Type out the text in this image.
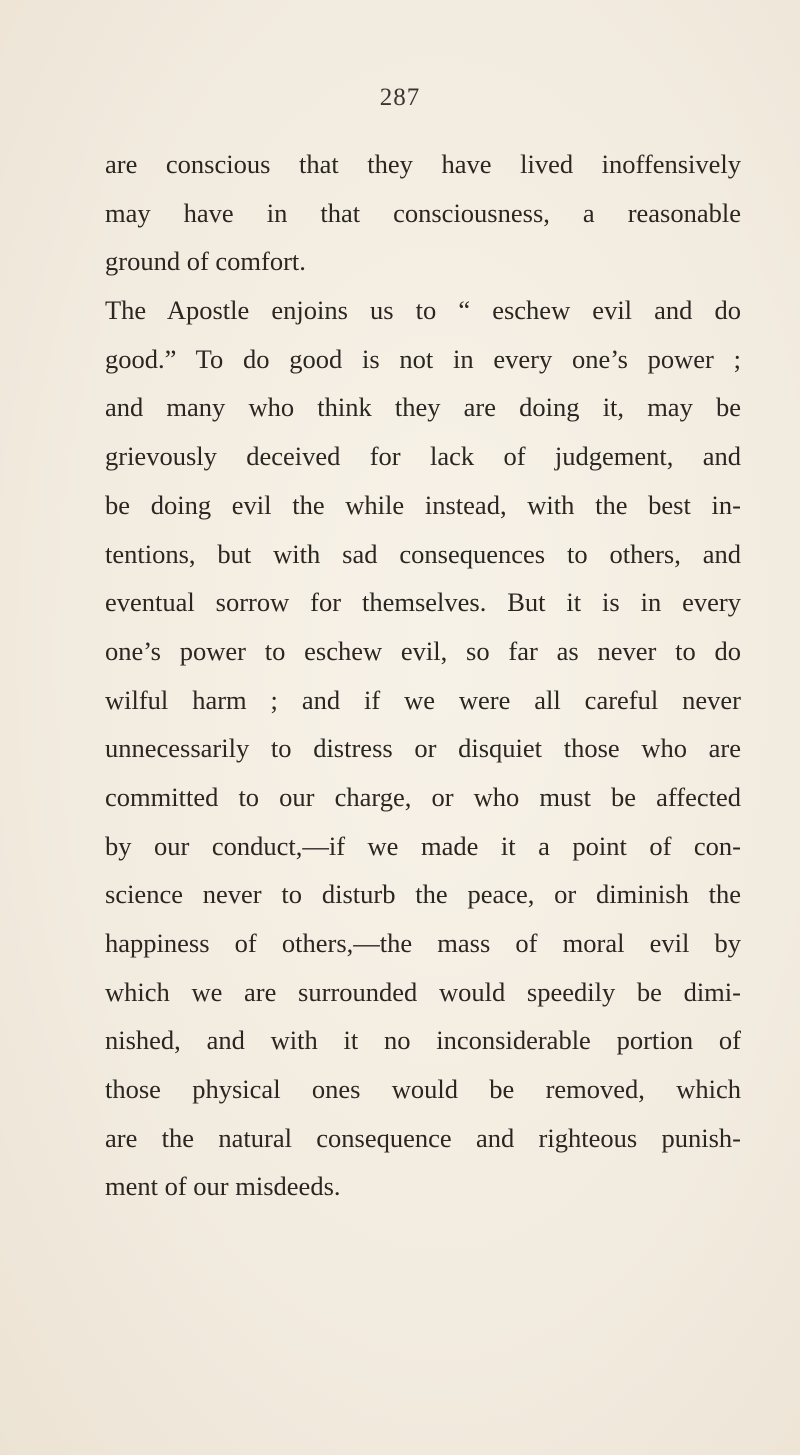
287
are conscious that they have lived inoffensively
may have in that consciousness, a reasonable
ground of comfort.
The Apostle enjoins us to “ eschew evil and do
good.” To do good is not in every one’s power ;
and many who think they are doing it, may be
grievously deceived for lack of judgement, and
be doing evil the while instead, with the best in-
tentions, but with sad consequences to others, and
eventual sorrow for themselves. But it is in every
one’s power to eschew evil, so far as never to do
wilful harm ; and if we were all careful never
unnecessarily to distress or disquiet those who are
committed to our charge, or who must be affected
by our conduct,—if we made it a point of con-
science never to disturb the peace, or diminish the
happiness of others,—the mass of moral evil by
which we are surrounded would speedily be dimi-
nished, and with it no inconsiderable portion of
those physical ones would be removed, which
are the natural consequence and righteous punish-
ment of our misdeeds.
